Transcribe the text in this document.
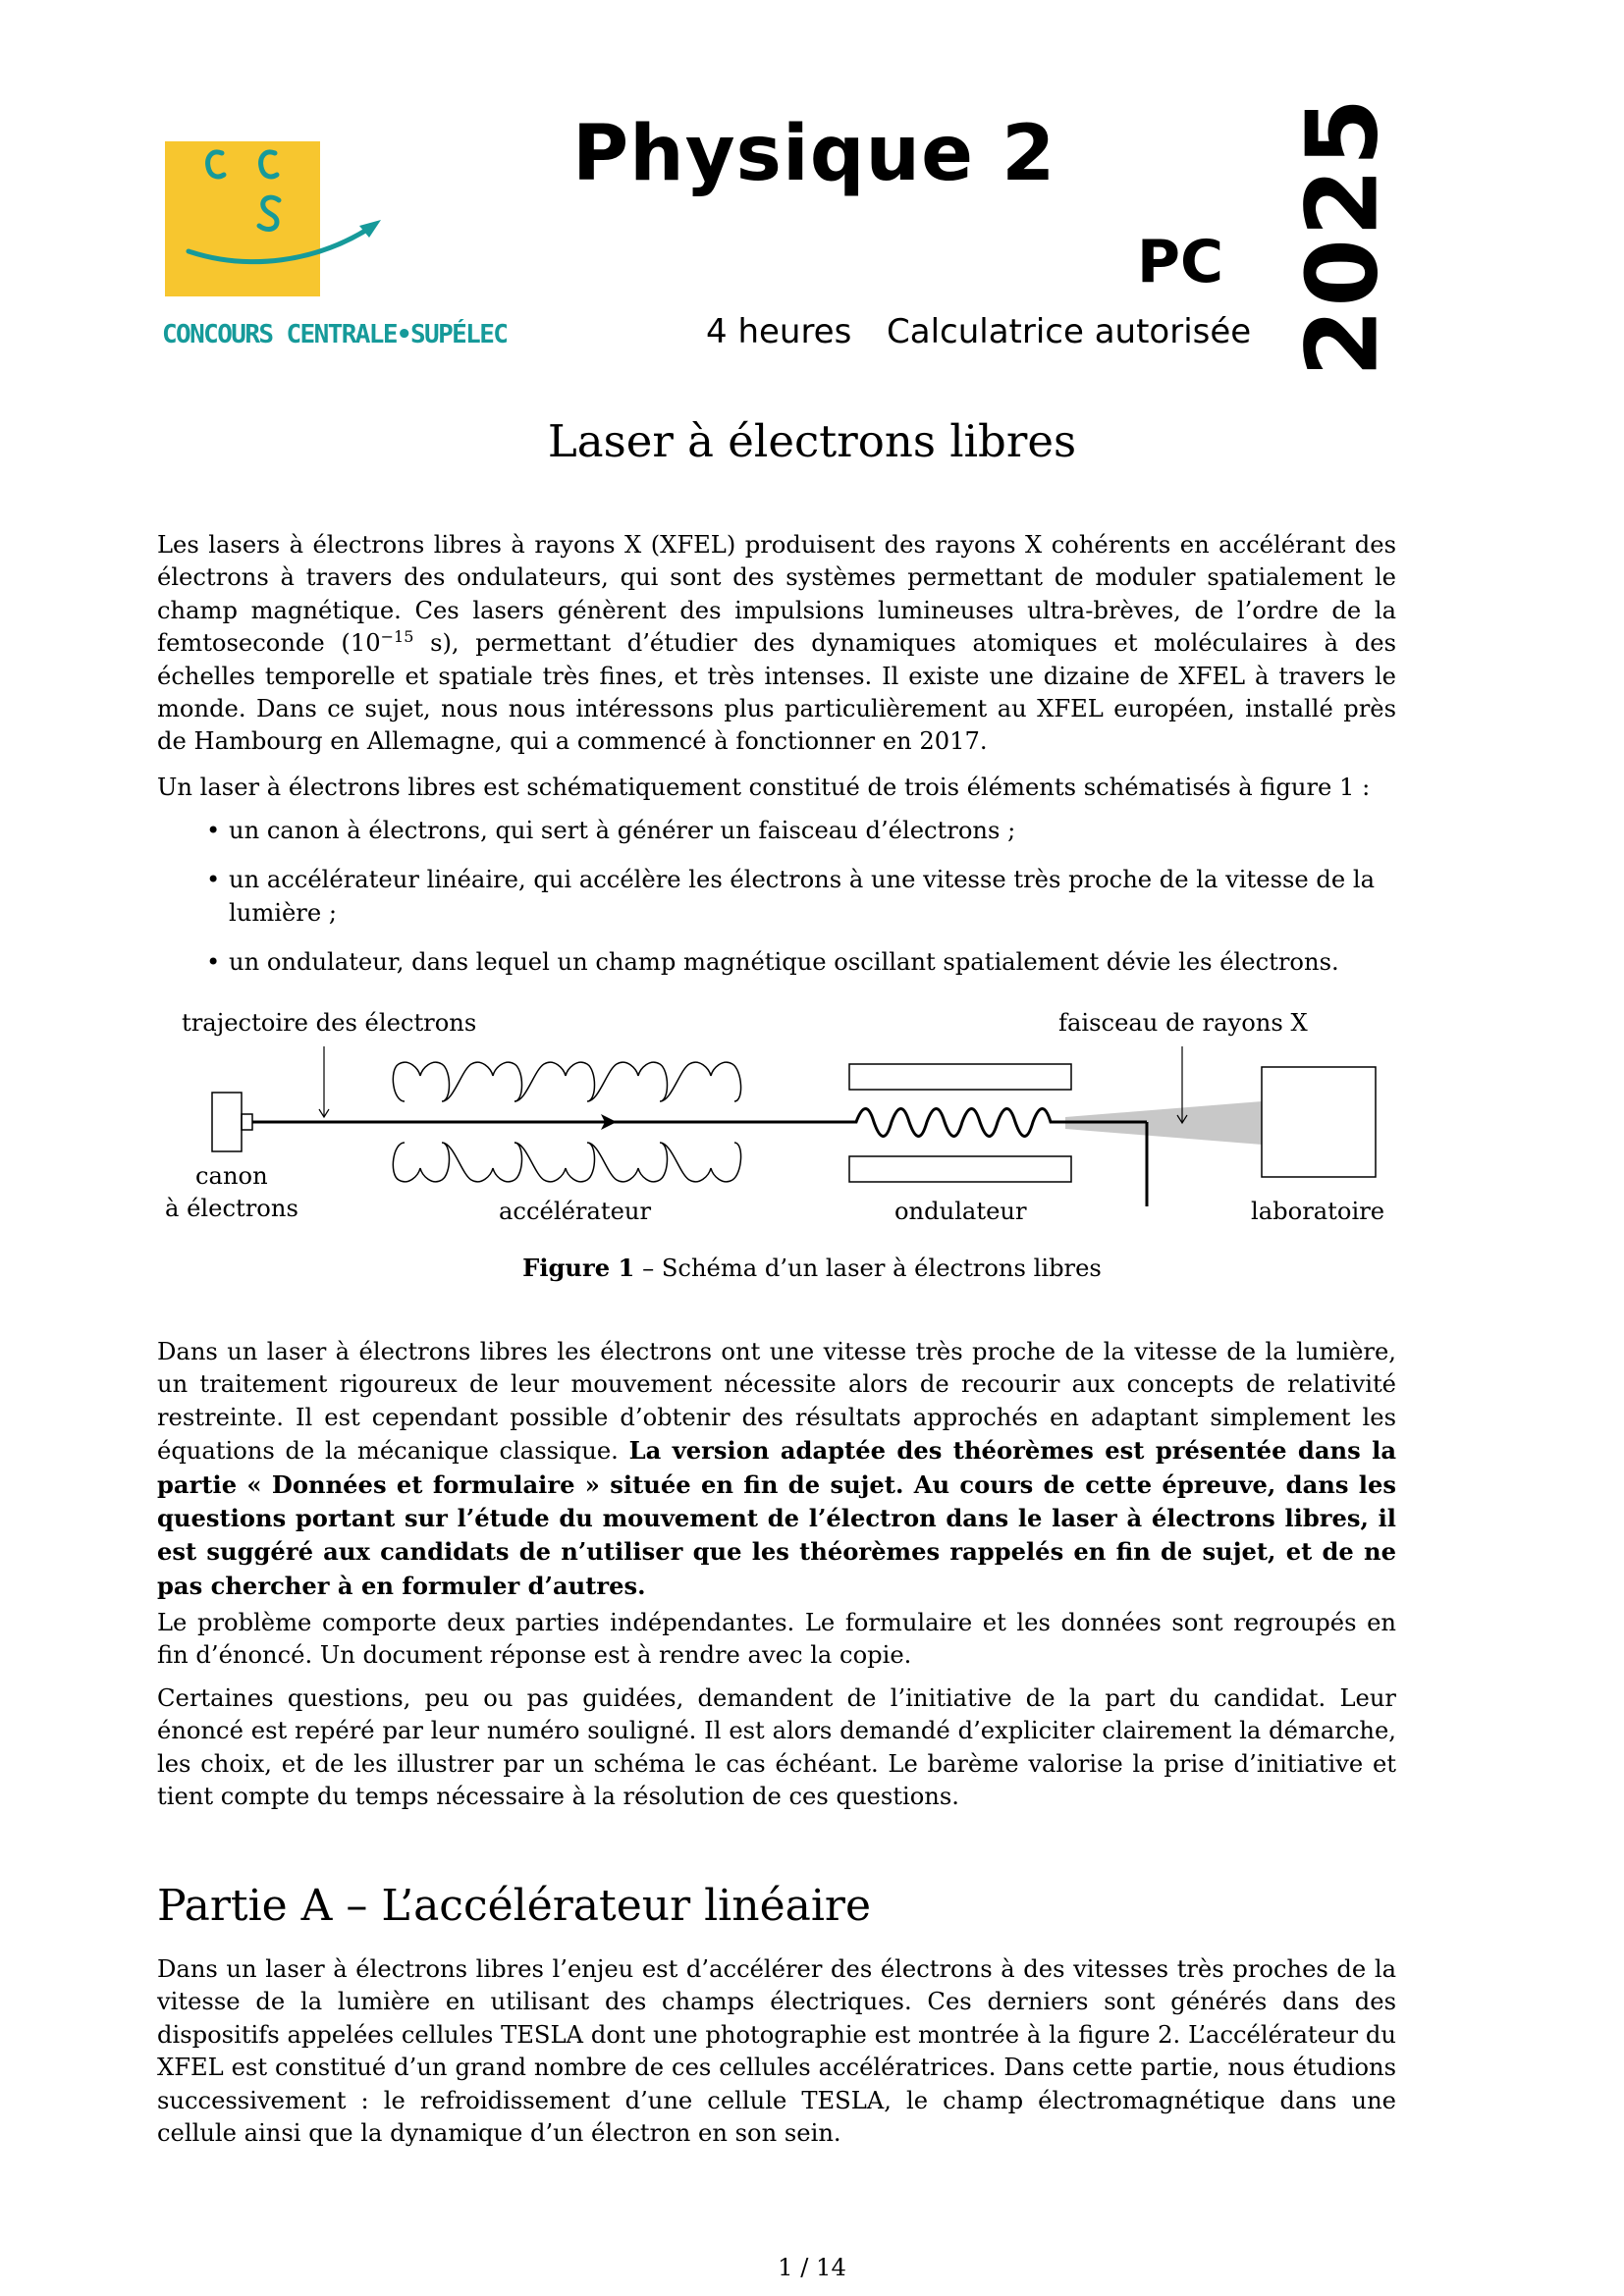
CONCOURS CENTRALE•SUPÉLEC
Physique 2
PC
4 heures Calculatrice autorisée 2025
Laser à électrons libres

Les lasers à électrons libres à rayons X (XFEL) produisent des rayons X cohérents en accélérant des électrons à travers des ondulateurs, qui sont des systèmes permettant de moduler spatialement le champ magnétique. Ces lasers génèrent des impulsions lumineuses ultra-brèves, de l’ordre de la femtoseconde ($10^{-15}$ s), permettant d’étudier des dynamiques atomiques et moléculaires à des échelles temporelle et spatiale très fines, et très intenses. Il existe une dizaine de XFEL à travers le monde. Dans ce sujet, nous nous intéressons plus particulièrement au XFEL européen, installé près de Hambourg en Allemagne, qui a commencé à fonctionner en 2017.

Un laser à électrons libres est schématiquement constitué de trois éléments schématisés à figure 1 :

• un canon à électrons, qui sert à générer un faisceau d’électrons ;
• un accélérateur linéaire, qui accélère les électrons à une vitesse très proche de la vitesse de la lumière ;
• un ondulateur, dans lequel un champ magnétique oscillant spatialement dévie les électrons.
trajectoire des électrons	faisceau de rayons X
canon
à électrons	accélérateur	ondulateur	laboratoire
Figure 1 – Schéma d’un laser à électrons libres

Dans un laser à électrons libres les électrons ont une vitesse très proche de la vitesse de la lumière, un traitement rigoureux de leur mouvement nécessite alors de recourir aux concepts de relativité restreinte. Il est cependant possible d’obtenir des résultats approchés en adaptant simplement les équations de la mécanique classique. La version adaptée des théorèmes est présentée dans la partie « Données et formulaire » située en fin de sujet. Au cours de cette épreuve, dans les questions portant sur l’étude du mouvement de l’électron dans le laser à électrons libres, il est suggéré aux candidats de n’utiliser que les théorèmes rappelés en fin de sujet, et de ne pas chercher à en formuler d’autres.

Le problème comporte deux parties indépendantes. Le formulaire et les données sont regroupés en fin d’énoncé. Un document réponse est à rendre avec la copie.

Certaines questions, peu ou pas guidées, demandent de l’initiative de la part du candidat. Leur énoncé est repéré par leur numéro souligné. Il est alors demandé d’expliciter clairement la démarche, les choix, et de les illustrer par un schéma le cas échéant. Le barème valorise la prise d’initiative et tient compte du temps nécessaire à la résolution de ces questions.

Partie A – L’accélérateur linéaire

Dans un laser à électrons libres l’enjeu est d’accélérer des électrons à des vitesses très proches de la vitesse de la lumière en utilisant des champs électriques. Ces derniers sont générés dans des dispositifs appelées cellules TESLA dont une photographie est montrée à la figure 2. L’accélérateur du XFEL est constitué d’un grand nombre de ces cellules accélératrices. Dans cette partie, nous étudions successivement : le refroidissement d’une cellule TESLA, le champ électromagnétique dans une cellule ainsi que la dynamique d’un électron en son sein.

1 / 14
